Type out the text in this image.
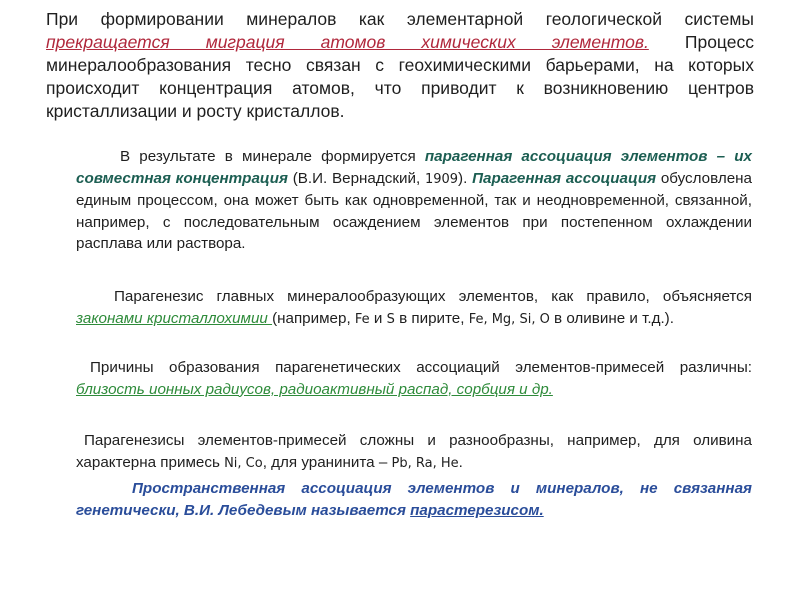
При формировании минералов как элементарной геологической системы прекращается миграция атомов химических элементов. Процесс минералообразования тесно связан с геохимическими барьерами, на которых происходит концентрация атомов, что приводит к возникновению центров кристаллизации и росту кристаллов.
В результате в минерале формируется парагенная ассоциация элементов – их совместная концентрация (В.И. Вернадский, 1909). Парагенная ассоциация обусловлена единым процессом, она может быть как одновременной, так и неодновременной, связанной, например, с последовательным осаждением элементов при постепенном охлаждении расплава или раствора.
Парагенезис главных минералообразующих элементов, как правило, объясняется законами кристаллохимии (например, Fe и S в пирите, Fe, Mg, Si, O в оливине и т.д.).
Причины образования парагенетических ассоциаций элементов-примесей различны: близость ионных радиусов, радиоактивный распад, сорбция и др.
Парагенезисы элементов-примесей сложны и разнообразны, например, для оливина характерна примесь Ni, Co, для уранинита – Pb, Ra, He.
Пространственная ассоциация элементов и минералов, не связанная генетически, В.И. Лебедевым называется парастерезисом.
